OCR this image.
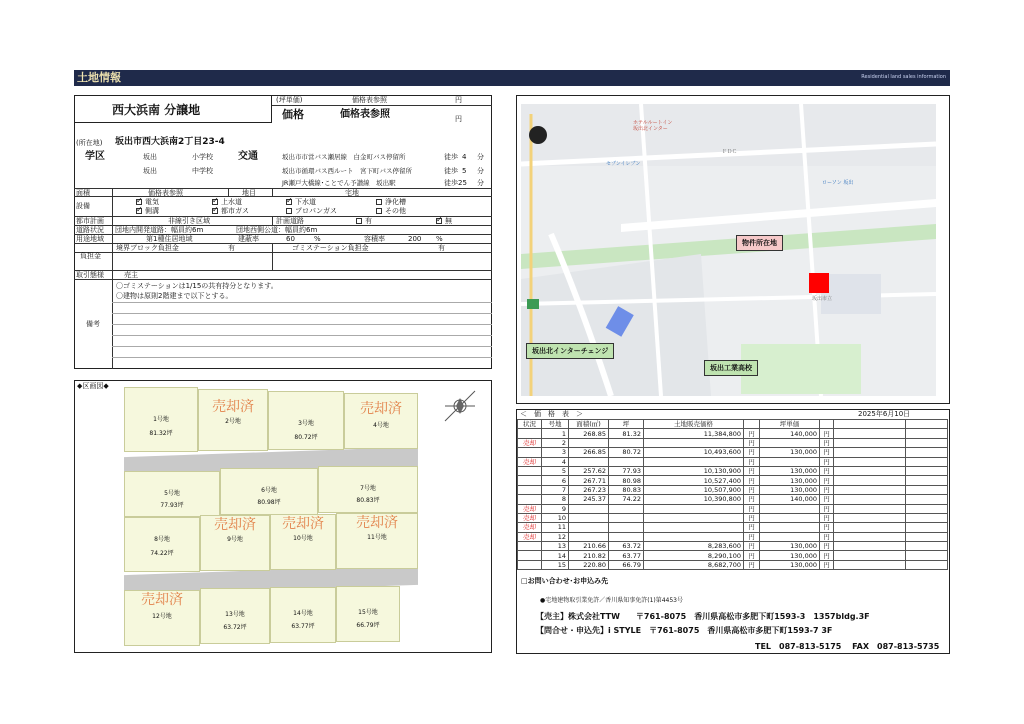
土地情報	Residential land sales information
西大浜南 分譲地
(坪単価)	価格表参照	円
価格	価格表参照	円
(所在地) 坂出市西大浜南2丁目23-4
学区	坂出	小学校
坂出	中学校
交通	坂出市市営バス瀬居線　白金町バス停留所	徒歩 4 分
坂出市循環バス西ルート　宮下町バス停留所	徒歩 5 分
JR瀬戸大橋線･ことでん予讃線　坂出駅	徒歩 25 分
面積	価格表参照	地目	宅地
設備 ✓	電気 ✓	上水道 ✓	下水道	浄化槽
✓側溝 ✓	都市ガス	プロパンガス	その他
都市計画	非線引き区域	計画道路	有 ✓	無
道路状況 団地内開発道路：幅員約6m	団地西側公道：幅員約6m
用途地域	第1種住居地域	建蔽率	60	%	容積率	200 %
負担金
境界ブロック負担金	有	ゴミステーション負担金	有
取引態様	売主
備考
〇ゴミステーションは1/15の共有持分となります。
〇建物は原則2階建まで以下とする。
◆区画図◆
1号地
81.32坪
2号地
売却済
3号地
80.72坪
4号地
売却済
5号地
77.93坪
6号地
80.98坪
7号地
80.83坪
8号地
74.22坪
9号地
売却済
10号地
売却済
11号地
売却済
12号地
売却済
13号地
63.72坪
14号地
63.77坪
15号地
66.79坪
ホテルルートイン
坂出北インター
セブンイレブン
ローソン 坂出
ＦＤＣ
坂出市立
物件所在地
坂出北インターチェンジ
坂出工業高校
＜　価　格　表　＞	2025年6月10日
状況	号地	面積(㎡)	坪	土地販売価格		坪単価			
	1	268.85	81.32	11,384,800	円	140,000	円		
売却	2				円		円		
	3	266.85	80.72	10,493,600	円	130,000	円		
売却	4				円		円		
	5	257.62	77.93	10,130,900	円	130,000	円		
	6	267.71	80.98	10,527,400	円	130,000	円		
	7	267.23	80.83	10,507,900	円	130,000	円		
	8	245.37	74.22	10,390,800	円	140,000	円		
売却	9				円		円		
売却	10				円		円		
売却	11				円		円		
売却	12				円		円		
	13	210.66	63.72	8,283,600	円	130,000	円		
	14	210.82	63.77	8,290,100	円	130,000	円		
	15	220.80	66.79	8,682,700	円	130,000	円		
□お問い合わせ･お申込み先
●宅地建物取引業免許／香川県知事免許(1)第4453号
【売主】株式会社TTW　　〒761-8075　香川県高松市多肥下町1593-3　1357bldg.3F
【問合せ・申込先】i STYLE　〒761-8075　香川県高松市多肥下町1593-7 3F
TEL　087-813-5175　 FAX　087-813-5735
